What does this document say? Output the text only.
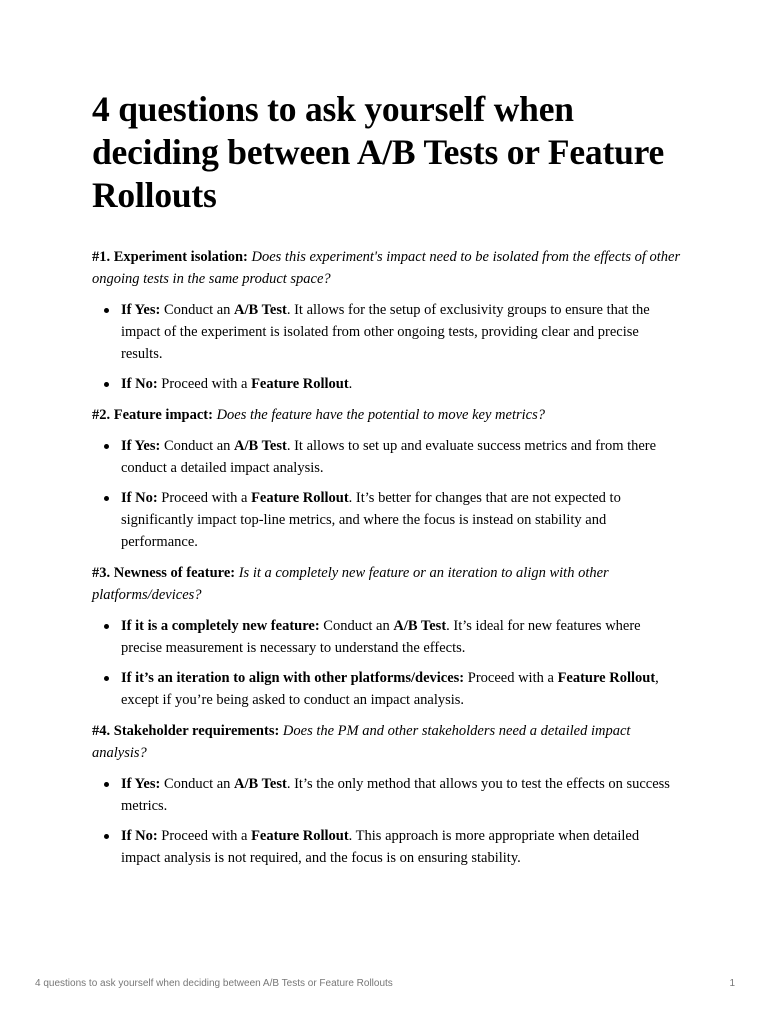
4 questions to ask yourself when deciding between A/B Tests or Feature Rollouts

#1. Experiment isolation: Does this experiment's impact need to be isolated from the effects of other ongoing tests in the same product space?

If Yes: Conduct an A/B Test. It allows for the setup of exclusivity groups to ensure that the impact of the experiment is isolated from other ongoing tests, providing clear and precise results.
If No: Proceed with a Feature Rollout.

#2. Feature impact: Does the feature have the potential to move key metrics?

If Yes: Conduct an A/B Test. It allows to set up and evaluate success metrics and from there conduct a detailed impact analysis.
If No: Proceed with a Feature Rollout. It’s better for changes that are not expected to significantly impact top-line metrics, and where the focus is instead on stability and performance.

#3. Newness of feature: Is it a completely new feature or an iteration to align with other platforms/devices?

If it is a completely new feature: Conduct an A/B Test. It’s ideal for new features where precise measurement is necessary to understand the effects.
If it’s an iteration to align with other platforms/devices: Proceed with a Feature Rollout, except if you’re being asked to conduct an impact analysis.

#4. Stakeholder requirements: Does the PM and other stakeholders need a detailed impact analysis?

If Yes: Conduct an A/B Test. It’s the only method that allows you to test the effects on success metrics.
If No: Proceed with a Feature Rollout. This approach is more appropriate when detailed impact analysis is not required, and the focus is on ensuring stability.
4 questions to ask yourself when deciding between A/B Tests or Feature Rollouts	1
